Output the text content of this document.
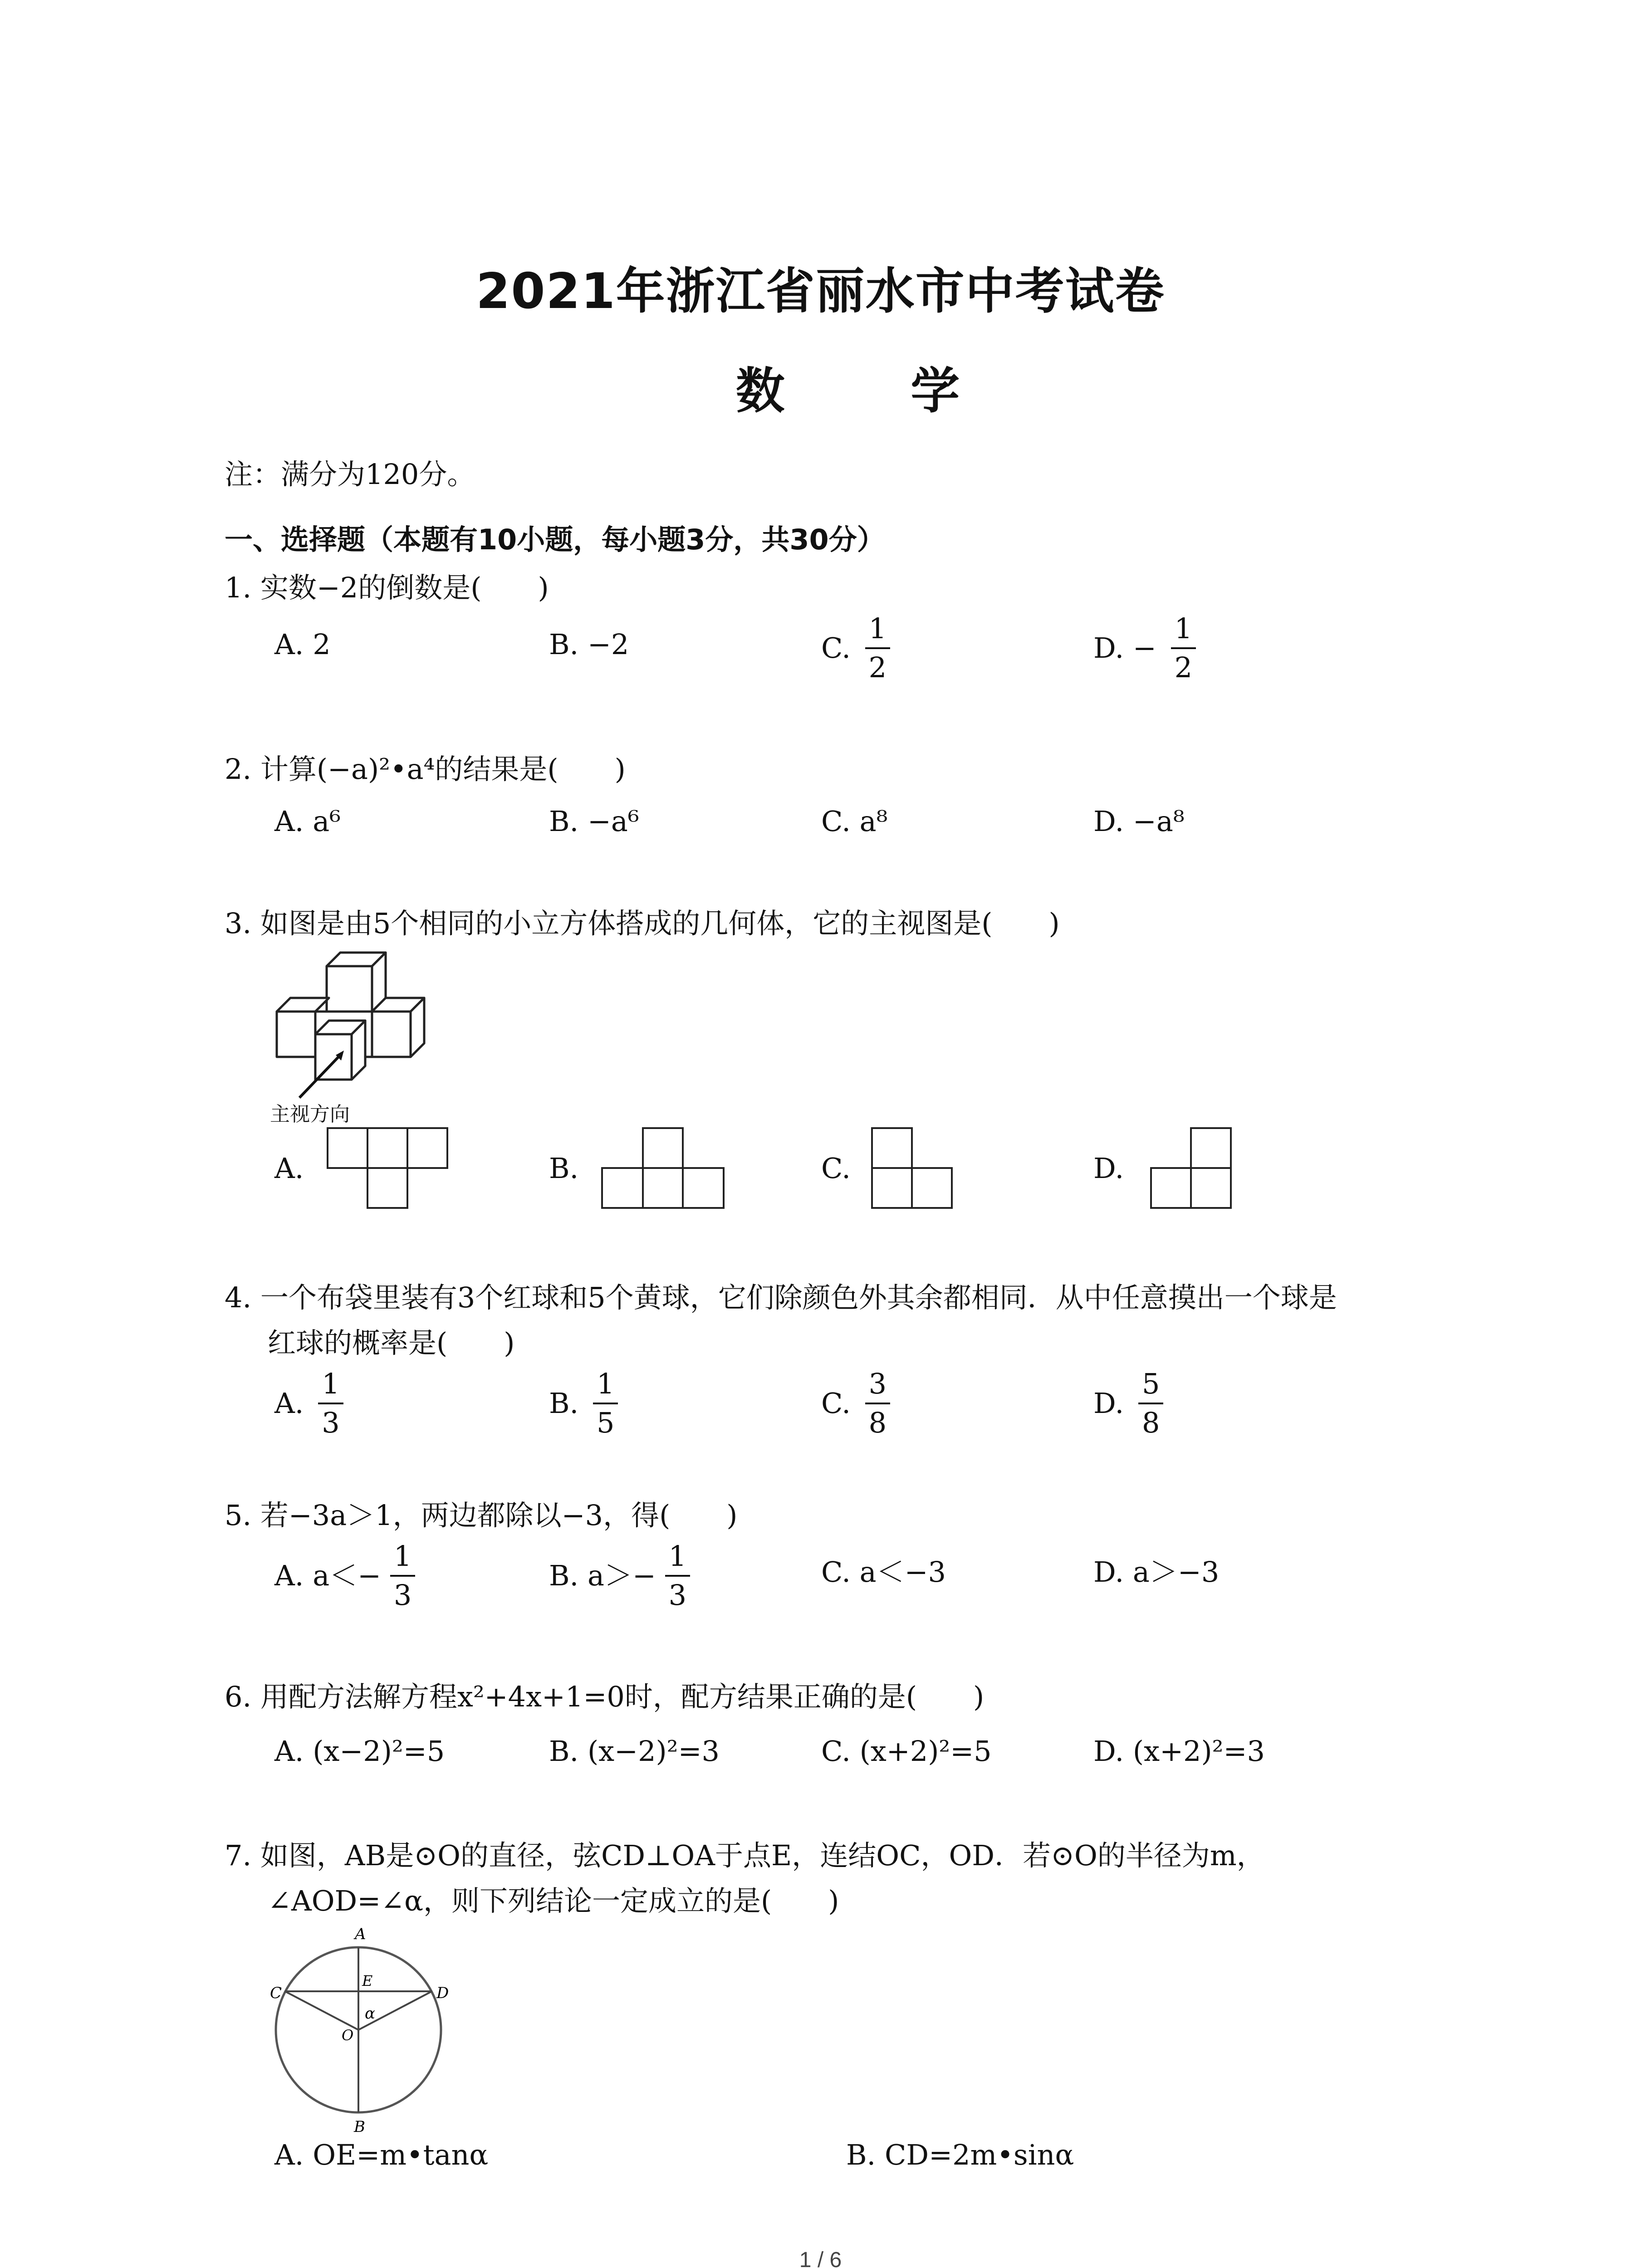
2021年浙江省丽水市中考试卷
数 学
注：满分为120分。
一、选择题（本题有10小题，每小题3分，共30分）
1. 实数−2的倒数是(　　)
A. 2	B. −2	C. $\frac{1}{2}$	D. − $\frac{1}{2}$
2. 计算(−a)²•a⁴的结果是(　　)
A. a⁶	B. −a⁶	C. a⁸	D. −a⁸
3. 如图是由5个相同的小立方体搭成的几何体，它的主视图是(　　)
主视方向
A.	B.	C.	D.
4. 一个布袋里装有3个红球和5个黄球，它们除颜色外其余都相同．从中任意摸出一个球是
红球的概率是(　　)
A. $\frac{1}{3}$	B. $\frac{1}{5}$	C. $\frac{3}{8}$	D. $\frac{5}{8}$
5. 若−3a＞1，两边都除以−3，得(　　)
A. $a<- \frac{1}{3}$	B. $a>- \frac{1}{3}$	C. a＜−3	D. a＞−3
6. 用配方法解方程x²+4x+1=0时，配方结果正确的是(　　)
A. (x−2)²=5	B. (x−2)²=3	C. (x+2)²=5	D. (x+2)²=3
7. 如图，AB是⊙O的直径，弦CD⊥OA于点E，连结OC，OD．若⊙O的半径为m，
∠AOD=∠α，则下列结论一定成立的是(　　)
A
B
C	D
E
O
α
A. OE=m•tanα	B. CD=2m•sinα
1 / 6
